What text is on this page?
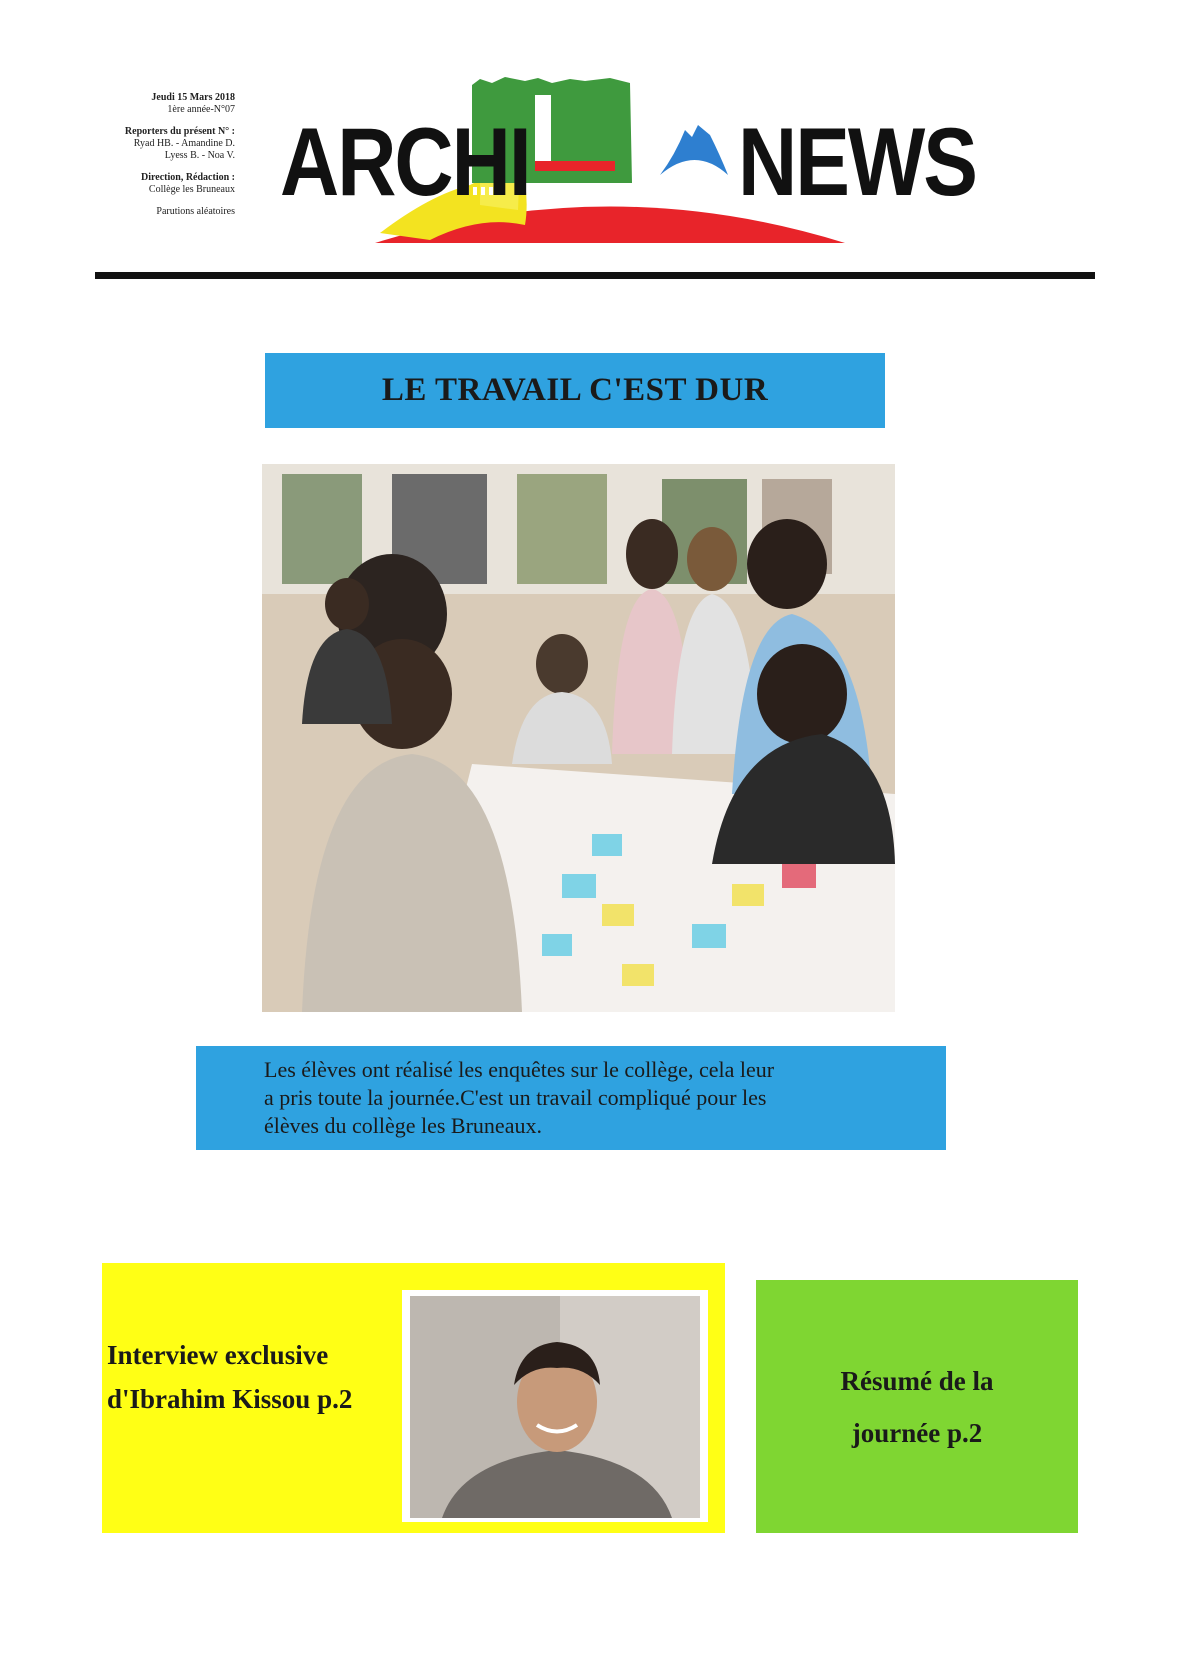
Jeudi 15 Mars 2018
1ère année-N°07
Reporters du présent N° :
Ryad HB. - Amandine D.
Lyess B. - Noa V.
Direction, Rédaction :
Collège les Bruneaux
Parutions aléatoires ARCHI	NEWS
LE TRAVAIL C'EST DUR
Les élèves ont réalisé les enquêtes sur le collège, cela leur
a pris toute la journée.C'est un travail compliqué pour les
élèves du collège les Bruneaux.
Interview exclusive
d'Ibrahim Kissou p.2
Résumé de la
journée p.2
